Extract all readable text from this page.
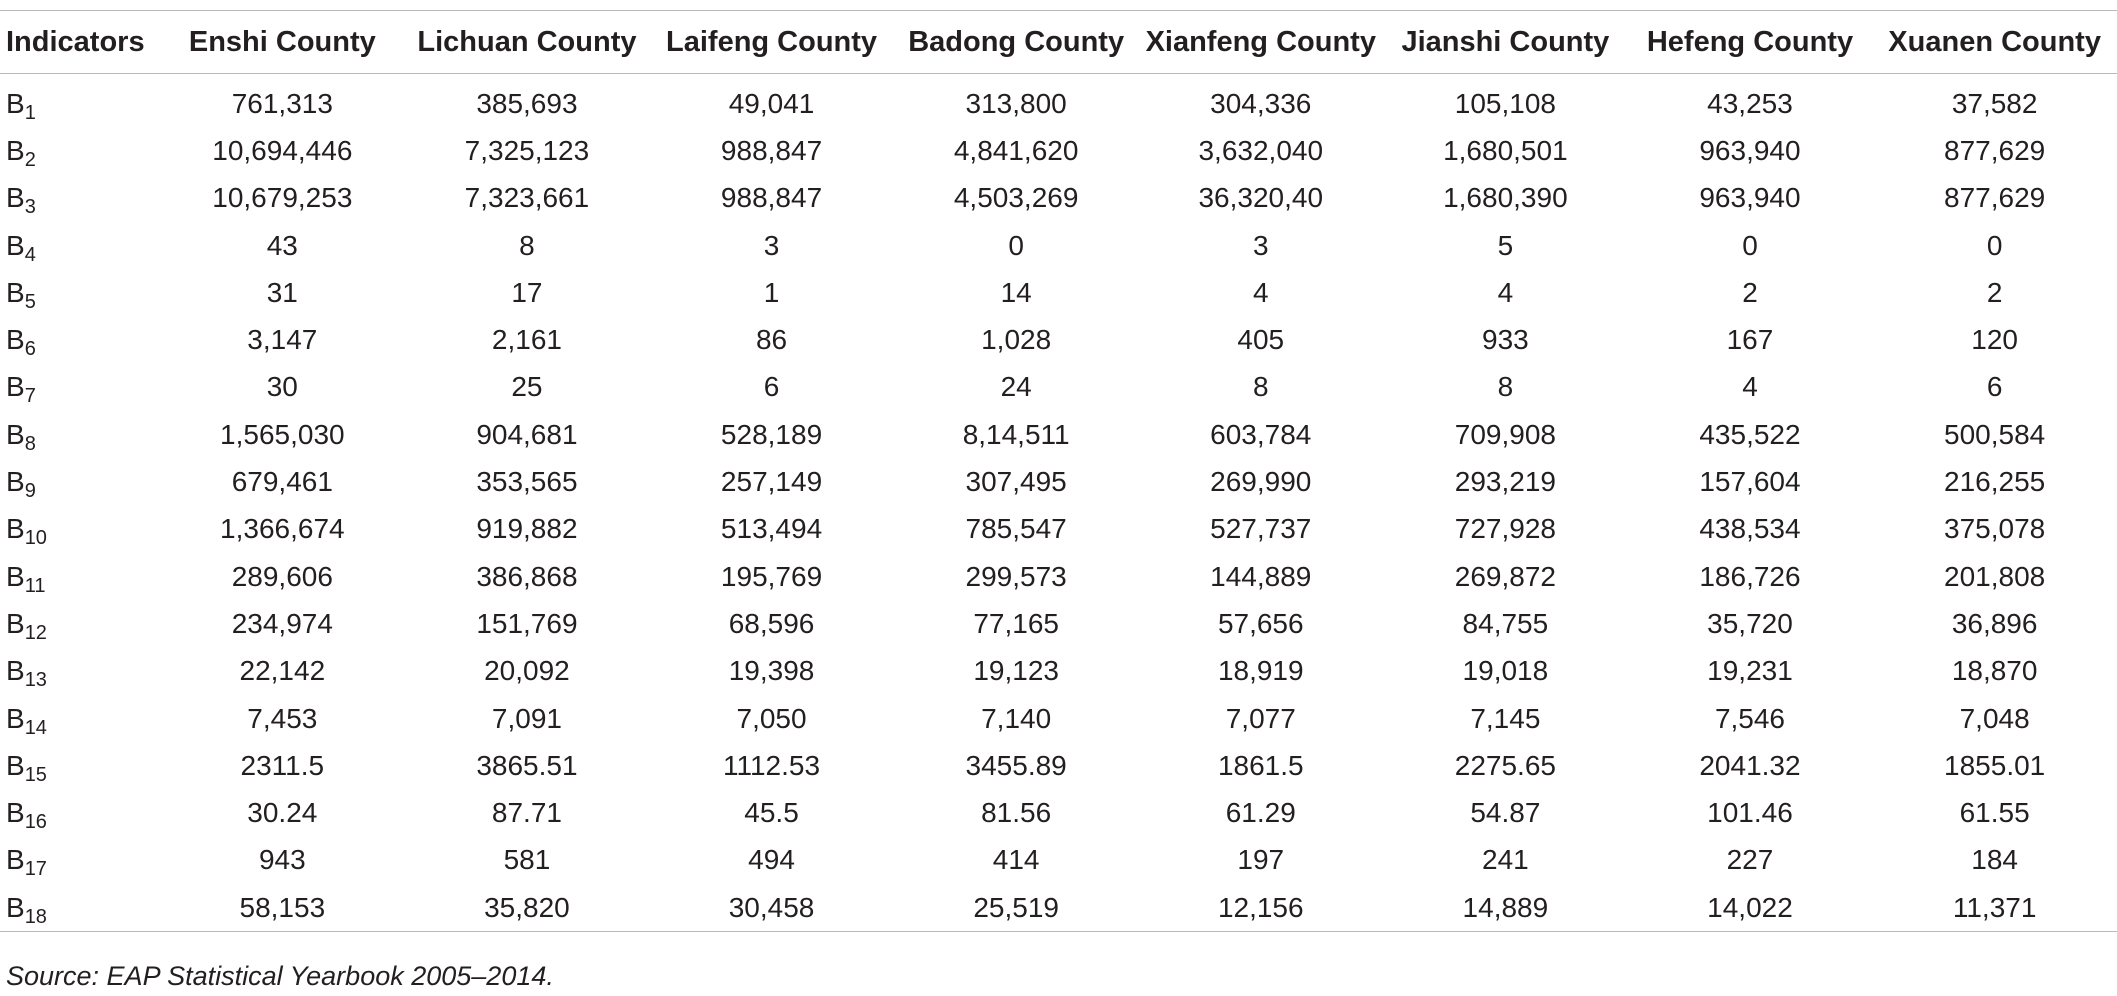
Indicators	Enshi County	Lichuan County	Laifeng County	Badong County	Xianfeng County	Jianshi County	Hefeng County	Xuanen County
$B_1$	761,313	385,693	49,041	313,800	304,336	105,108	43,253	37,582
$B_2$	10,694,446	7,325,123	988,847	4,841,620	3,632,040	1,680,501	963,940	877,629
$B_3$	10,679,253	7,323,661	988,847	4,503,269	36,320,40	1,680,390	963,940	877,629
$B_4$	43	8	3	0	3	5	0	0
$B_5$	31	17	1	14	4	4	2	2
$B_6$	3,147	2,161	86	1,028	405	933	167	120
$B_7$	30	25	6	24	8	8	4	6
$B_8$	1,565,030	904,681	528,189	8,14,511	603,784	709,908	435,522	500,584
$B_9$	679,461	353,565	257,149	307,495	269,990	293,219	157,604	216,255
$B_{10}$	1,366,674	919,882	513,494	785,547	527,737	727,928	438,534	375,078
$B_{11}$	289,606	386,868	195,769	299,573	144,889	269,872	186,726	201,808
$B_{12}$	234,974	151,769	68,596	77,165	57,656	84,755	35,720	36,896
$B_{13}$	22,142	20,092	19,398	19,123	18,919	19,018	19,231	18,870
$B_{14}$	7,453	7,091	7,050	7,140	7,077	7,145	7,546	7,048
$B_{15}$	2311.5	3865.51	1112.53	3455.89	1861.5	2275.65	2041.32	1855.01
$B_{16}$	30.24	87.71	45.5	81.56	61.29	54.87	101.46	61.55
$B_{17}$	943	581	494	414	197	241	227	184
$B_{18}$	58,153	35,820	30,458	25,519	12,156	14,889	14,022	11,371
Source: EAP Statistical Yearbook 2005–2014.
